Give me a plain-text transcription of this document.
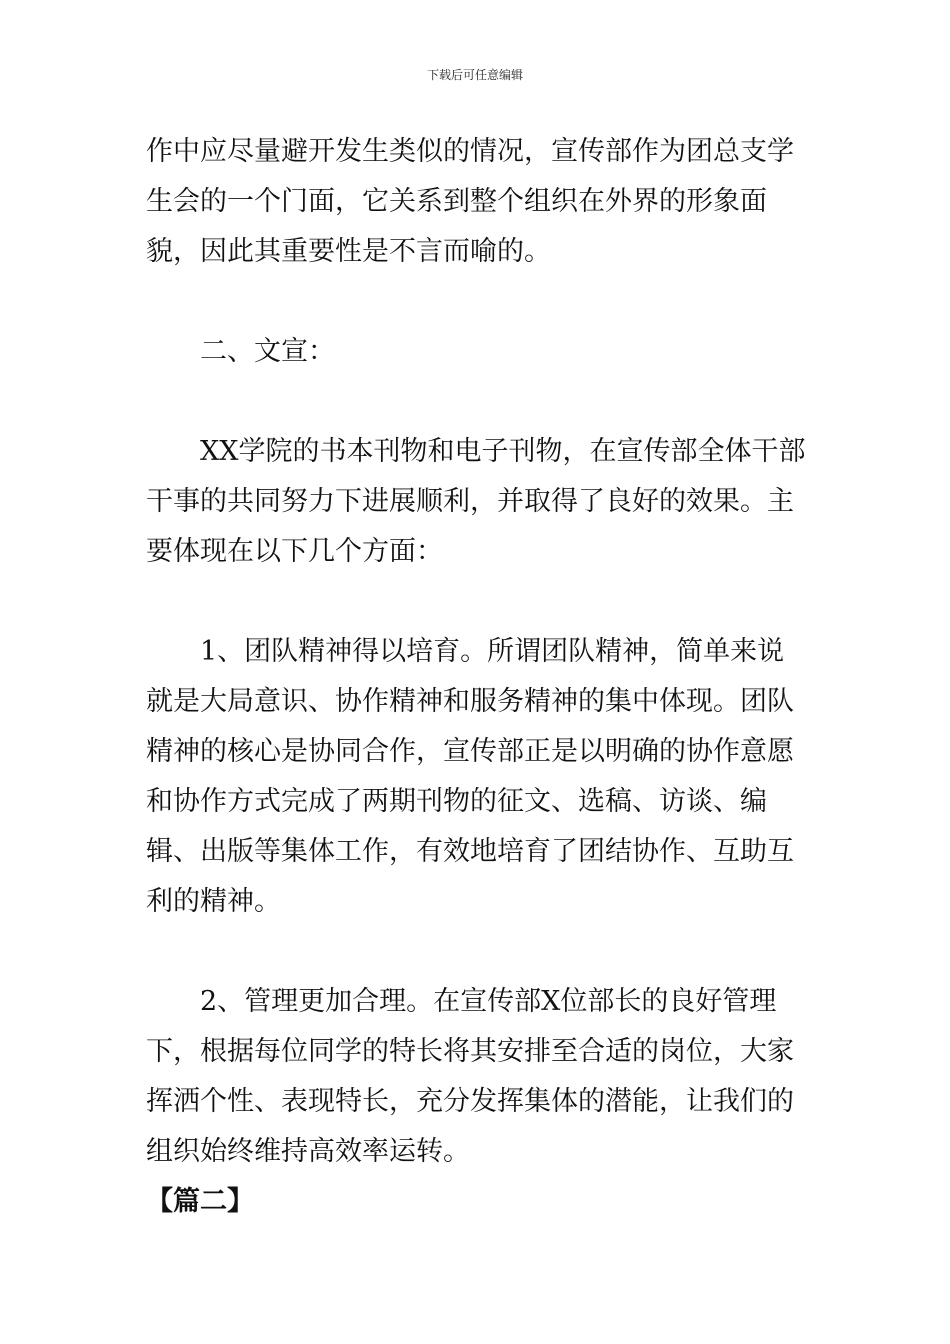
下载后可任意编辑

作中应尽量避开发生类似的情况，宣传部作为团总支学生会的一个门面，它关系到整个组织在外界的形象面貌，因此其重要性是不言而喻的。

二、文宣：

XX学院的书本刊物和电子刊物，在宣传部全体干部干事的共同努力下进展顺利，并取得了良好的效果。主要体现在以下几个方面：

1、团队精神得以培育。所谓团队精神，简单来说就是大局意识、协作精神和服务精神的集中体现。团队精神的核心是协同合作，宣传部正是以明确的协作意愿和协作方式完成了两期刊物的征文、选稿、访谈、编辑、出版等集体工作，有效地培育了团结协作、互助互利的精神。

2、管理更加合理。在宣传部X位部长的良好管理下，根据每位同学的特长将其安排至合适的岗位，大家挥洒个性、表现特长，充分发挥集体的潜能，让我们的组织始终维持高效率运转。

【篇二】
